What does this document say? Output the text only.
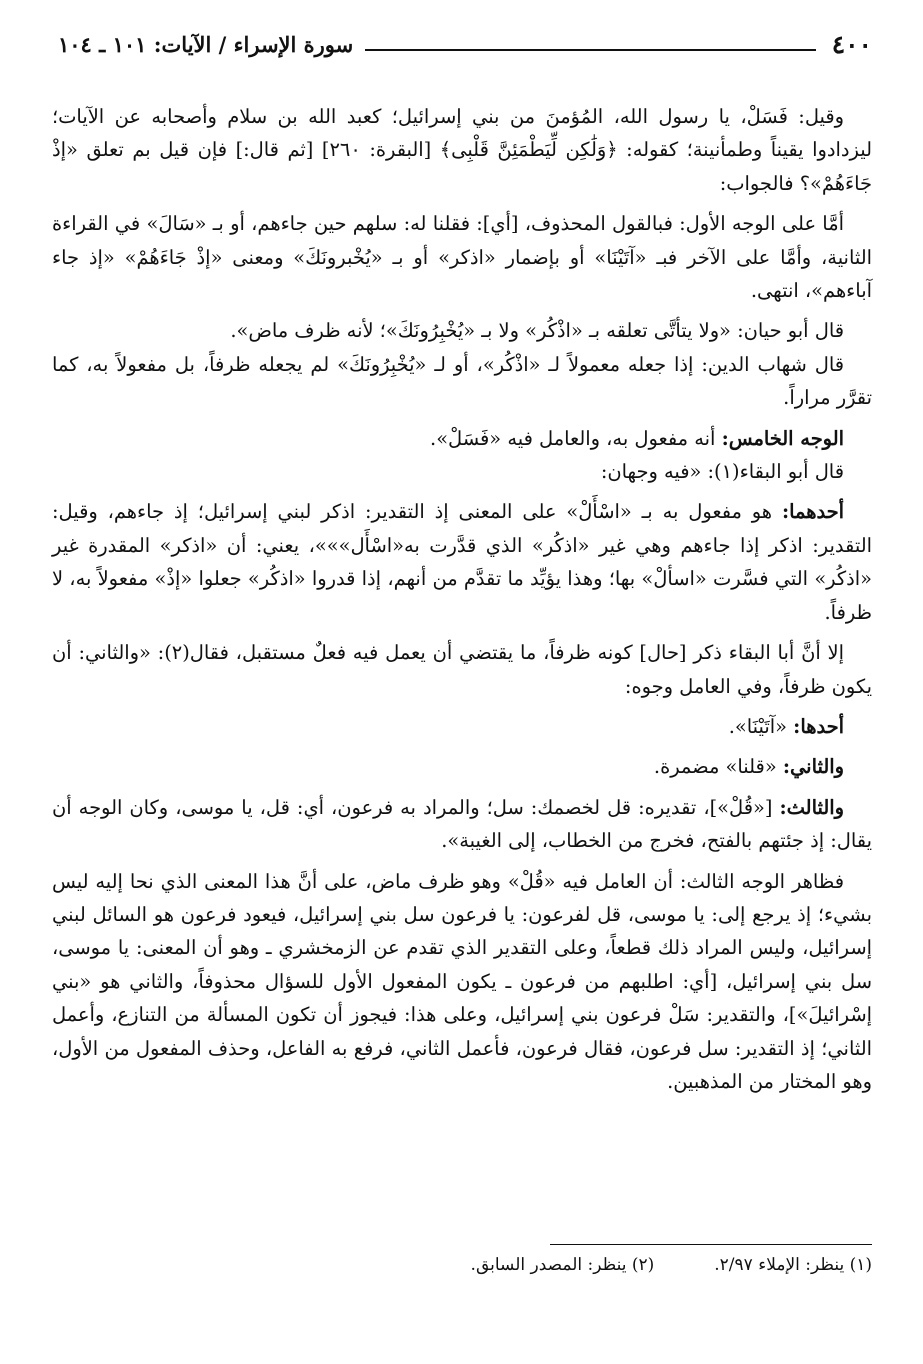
٤٠٠
سورة الإسراء / الآيات: ١٠١ ـ ١٠٤

وقيل: فَسَلْ، يا رسول الله، المُؤمنَ من بني إسرائيل؛ كعبد الله بن سلام وأصحابه عن الآيات؛ ليزدادوا يقيناً وطمأنينة؛ كقوله: ﴿وَلَٰكِن لِّيَطْمَئِنَّ قَلْبِى﴾ [البقرة: ٢٦٠] [ثم قال:] فإن قيل بم تعلق «إذْ جَاءَهُمْ»؟ فالجواب:

أمَّا على الوجه الأول: فبالقول المحذوف، [أي]: فقلنا له: سلهم حين جاءهم، أو بـ «سَالَ» في القراءة الثانية، وأمَّا على الآخر فبـ «آتَيْنَا» أو بإضمار «اذكر» أو بـ «يُخْبرونَكَ» ومعنى «إذْ جَاءَهُمْ» «إذ جاء آباءهم»، انتهى.

قال أبو حيان: «ولا يتأتَّى تعلقه بـ «اذْكُر» ولا بـ «يُخْبِرُونَكَ»؛ لأنه ظرف ماض».

قال شهاب الدين: إذا جعله معمولاً لـ «اذْكُر»، أو لـ «يُخْبِرُونَكَ» لم يجعله ظرفاً، بل مفعولاً به، كما تقرَّر مراراً.

الوجه الخامس: أنه مفعول به، والعامل فيه «فَسَلْ».

قال أبو البقاء(١): «فيه وجهان:

أحدهما: هو مفعول به بـ «اسْأَلْ» على المعنى إذ التقدير: اذكر لبني إسرائيل؛ إذ جاءهم، وقيل: التقدير: اذكر إذا جاءهم وهي غير «اذكُر» الذي قدَّرت به«اسْأَل»»»، يعني: أن «اذكر» المقدرة غير «اذكُر» التي فسَّرت «اسألْ» بها؛ وهذا يؤيِّد ما تقدَّم من أنهم، إذا قدروا «اذكُر» جعلوا «إذْ» مفعولاً به، لا ظرفاً.

إلا أنَّ أبا البقاء ذكر [حال] كونه ظرفاً، ما يقتضي أن يعمل فيه فعلٌ مستقبل، فقال(٢): «والثاني: أن يكون ظرفاً، وفي العامل وجوه:

أحدها: «آتَيْنَا».

والثاني: «قلنا» مضمرة.

والثالث: [«قُلْ»]، تقديره: قل لخصمك: سل؛ والمراد به فرعون، أي: قل، يا موسى، وكان الوجه أن يقال: إذ جئتهم بالفتح، فخرج من الخطاب، إلى الغيبة».

فظاهر الوجه الثالث: أن العامل فيه «قُلْ» وهو ظرف ماض، على أنَّ هذا المعنى الذي نحا إليه ليس بشيء؛ إذ يرجع إلى: يا موسى، قل لفرعون: يا فرعون سل بني إسرائيل، فيعود فرعون هو السائل لبني إسرائيل، وليس المراد ذلك قطعاً، وعلى التقدير الذي تقدم عن الزمخشري ـ وهو أن المعنى: يا موسى، سل بني إسرائيل، [أي: اطلبهم من فرعون ـ يكون المفعول الأول للسؤال محذوفاً، والثاني هو «بني إسْرائيلَ»]، والتقدير: سَلْ فرعون بني إسرائيل، وعلى هذا: فيجوز أن تكون المسألة من التنازع، وأعمل الثاني؛ إذ التقدير: سل فرعون، فقال فرعون، فأعمل الثاني، فرفع به الفاعل، وحذف المفعول من الأول، وهو المختار من المذهبين.

(١) ينظر: الإملاء ٢/٩٧.
(٢) ينظر: المصدر السابق.
